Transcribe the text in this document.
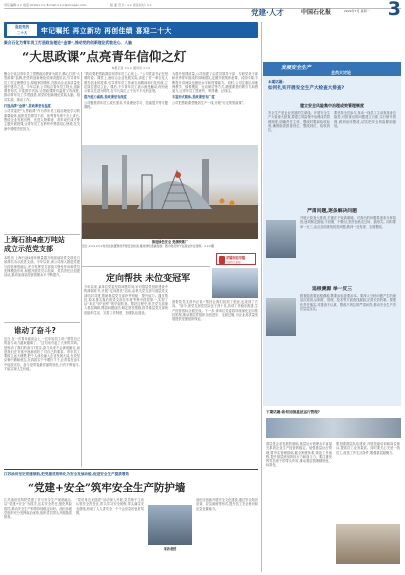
责任编辑:×× 电话:(010)××× E-mail:×××@sinopec.com	版 面 设 计: ×× 责任校对: ××
党建·人才	中国石化报	2022年7月 星期一 3
喜迎党的
二十大	牢记嘱托 再立新功 再创佳绩 喜迎二十大
聚合石化为青年员工打造政治理论“金课”,推动党的创新理论武装走心、人脑
“大思政课”点亮青年信仰之灯
本报记者 ××× 通讯员 ×××
聚合石化以青年员工思想政治教育为抓手,精心打造“大思政课”品牌,把党的创新理论讲深讲透讲活,引导青年员工坚定理想信念,厚植家国情怀,在推动企业高质量发展中建功立业。今年以来,公司结合青年员工特点,创新课堂形式,丰富教学内容,让思政课既有温度又有深度,推动青年员工学思践悟,用党的创新理论武装头脑、指导实践、推动工作。
打造品牌“金课”,思政课堂有温度
公司党委把“大思政课”作为青年员工政治理论学习的重要载体,组织党员领导干部、优秀青年骨干走上讲台,围绕企业发展历程、先进人物事迹、青年成长成才等主题开展授课,让青年员工在聆听中感悟初心使命,在交流中增强责任担当。
“我们要把思政课讲到青年员工心坎上。”公司党委书记在授课时说。课堂上,他结合企业发展实际,讲述了老一辈石化人艰苦创业的故事,引导青年员工传承石油精神和石化传统,立足岗位建功立业。课后,不少青年员工表示深受触动,纷纷表示要以先进为榜样,在平凡岗位上干出不平凡的业绩。
提升能力素质,思政课堂有深度
公司聚焦青年员工成长需求,开设理论学习、技能提升等专题课程。
为提升授课质量,公司组建了由党员领导干部、专职党务干部和优秀青年组成的讲师团队,定期开展集体备课、试讲评课,不断提升讲师队伍理论水平和授课能力。同时,公司注重运用案例教学、情景模拟、互动研讨等方式,增强课堂的吸引力和感染力,让青年员工愿意听、听得懂、记得住。
丰富形式载体,思政课堂有广度
公司把思政课堂搬到生产一线,开展“行走的思政课”。
推进绿色安全 党旗映炼厂
近日,××××××党员在装置现场开展安全检查,推进绿色低碳发展。图为党员骨干在高处作业现场。×××摄
荣耀制造荣耀
中国石化新闻
上海石油4座万吨站
成立示范党支部
本报讯 上海石油4座年销量超万吨加油站党支部近日被命名为示范党支部。今年以来,该公司深入推进党建与经营深度融合,充分发挥党支部战斗堡垒作用和党员先锋模范作用,积极开展党员示范岗、党员责任区创建活动,推动加油站经营管理水平不断提升。
谁动了奋斗?
近日,在一次青年座谈会上,一位年轻员工说:“感觉自己的奋斗动力越来越弱了。”这句话引起了大家的共鸣。是谁动了我们的奋斗?其实,奋斗从来不会被谁偷走,而是我们在安逸中逐渐放松了对自己的要求。青年员工要树立远大理想,把个人成长融入企业发展大局,在攻坚克难中磨砺意志,在真抓实干中增长才干,让青春在奋斗中绽放光彩。奋斗是青春最亮丽的底色,只有不断奋斗,才能实现人生价值。
定向帮扶 未位变冠军
今年以来,某单位党委坚持问题导向,针对基层党组织建设中的薄弱环节,开展“定向帮扶”活动,由机关党支部与基层党支部结对共建,帮助基层党支部补齐短板、提升能力。通过帮扶,原本排名靠后的党支部在年度考核中跃居第一,实现了从“末位”到“冠军”的华丽转身。帮扶过程中,机关党支部深入基层调研,摸清问题症结,制定帮扶措施,指导基层党支部规范组织生活、完善工作制度、加强队伍建设。
被帮扶党支部书记说:“帮扶让我们找到了差距,也找到了方向。”如今,该党支部党员队伍干劲十足,各项工作稳步推进,生产经营指标全面完成。下一步,该单位党委将持续深化定向帮扶机制,推动基层党组织全面进步、全面过硬,为企业高质量发展提供坚强组织保证。
江苏油田坚定党建领航,把党建优势转化为安全发展动能,促进安全生产提质增效
“党建+安全”筑牢安全生产防护墙
江苏油田坚持把党建工作与安全生产深度融合,以“党建+安全”为抓手,压实安全责任,强化风险管控,推动安全生产形势持续稳定向好。油田各级党组织充分发挥政治优势,组织党员带头开展隐患排查。
“党员身边无隐患”活动深入开展,党员骨干主动认领安全责任区,带头学习安全规程,带头落实安全措施,形成了人人讲安全、个个会应急的良好氛围。
采访者按
油田还创新开展安全文化建设,通过安全知识竞赛、应急演练等形式,提升员工安全意识和应急处置能力。
发展安全生产
全员大讨论
本期话题:
如何扎实开展安全生产大检查大排查?
建立安全风险集中治理成效管理制度
安全生产是企业发展的生命线。开展安全生产大检查大排查,要建立风险集中治理成效管理制度,明确责任主体、整改时限和验收标准,确保隐患排查到位、整改到位、验收到位。
要坚持全员参与,发动一线员工主动查找身边隐患,对排查出的问题建立台账,实行销号管理,做到闭环整改,切实把安全风险降到最低。
严肃问题,逐条解决问题
开展大检查大排查,关键在于较真碰硬。对查出的问题要逐条分析原因,逐项制定措施,不回避、不敷衍,坚决杜绝走过场、搞形式。同时要举一反三,由点及面查找同类问题,做到一处发现、全面整改。
追根溯源 举一反三
排查隐患要追根溯源,既要治标更要治本。要深入分析问题产生的深层次原因,从制度、管理、技术等方面查找漏洞,完善长效机制。要强化责任落实,对排查不认真、整改不到位的严肃问责,推动安全生产责任层层压实。
下期话题:如何加强基层运行管理?
基层是企业发展的基础,基层运行管理水平直接关系到企业生产经营的稳定。加强基层运行管理,要夯实管理基础,健全制度体系,规范工作流程,提升基层班组的执行力和战斗力。要注重发挥党员骨干的带头作用,推动基层管理精细化、标准化。
要加强基层队伍建设,开展技能培训和岗位练兵,提高员工业务素质。同时要关心关爱一线员工,改善工作生活条件,增强基层凝聚力。
